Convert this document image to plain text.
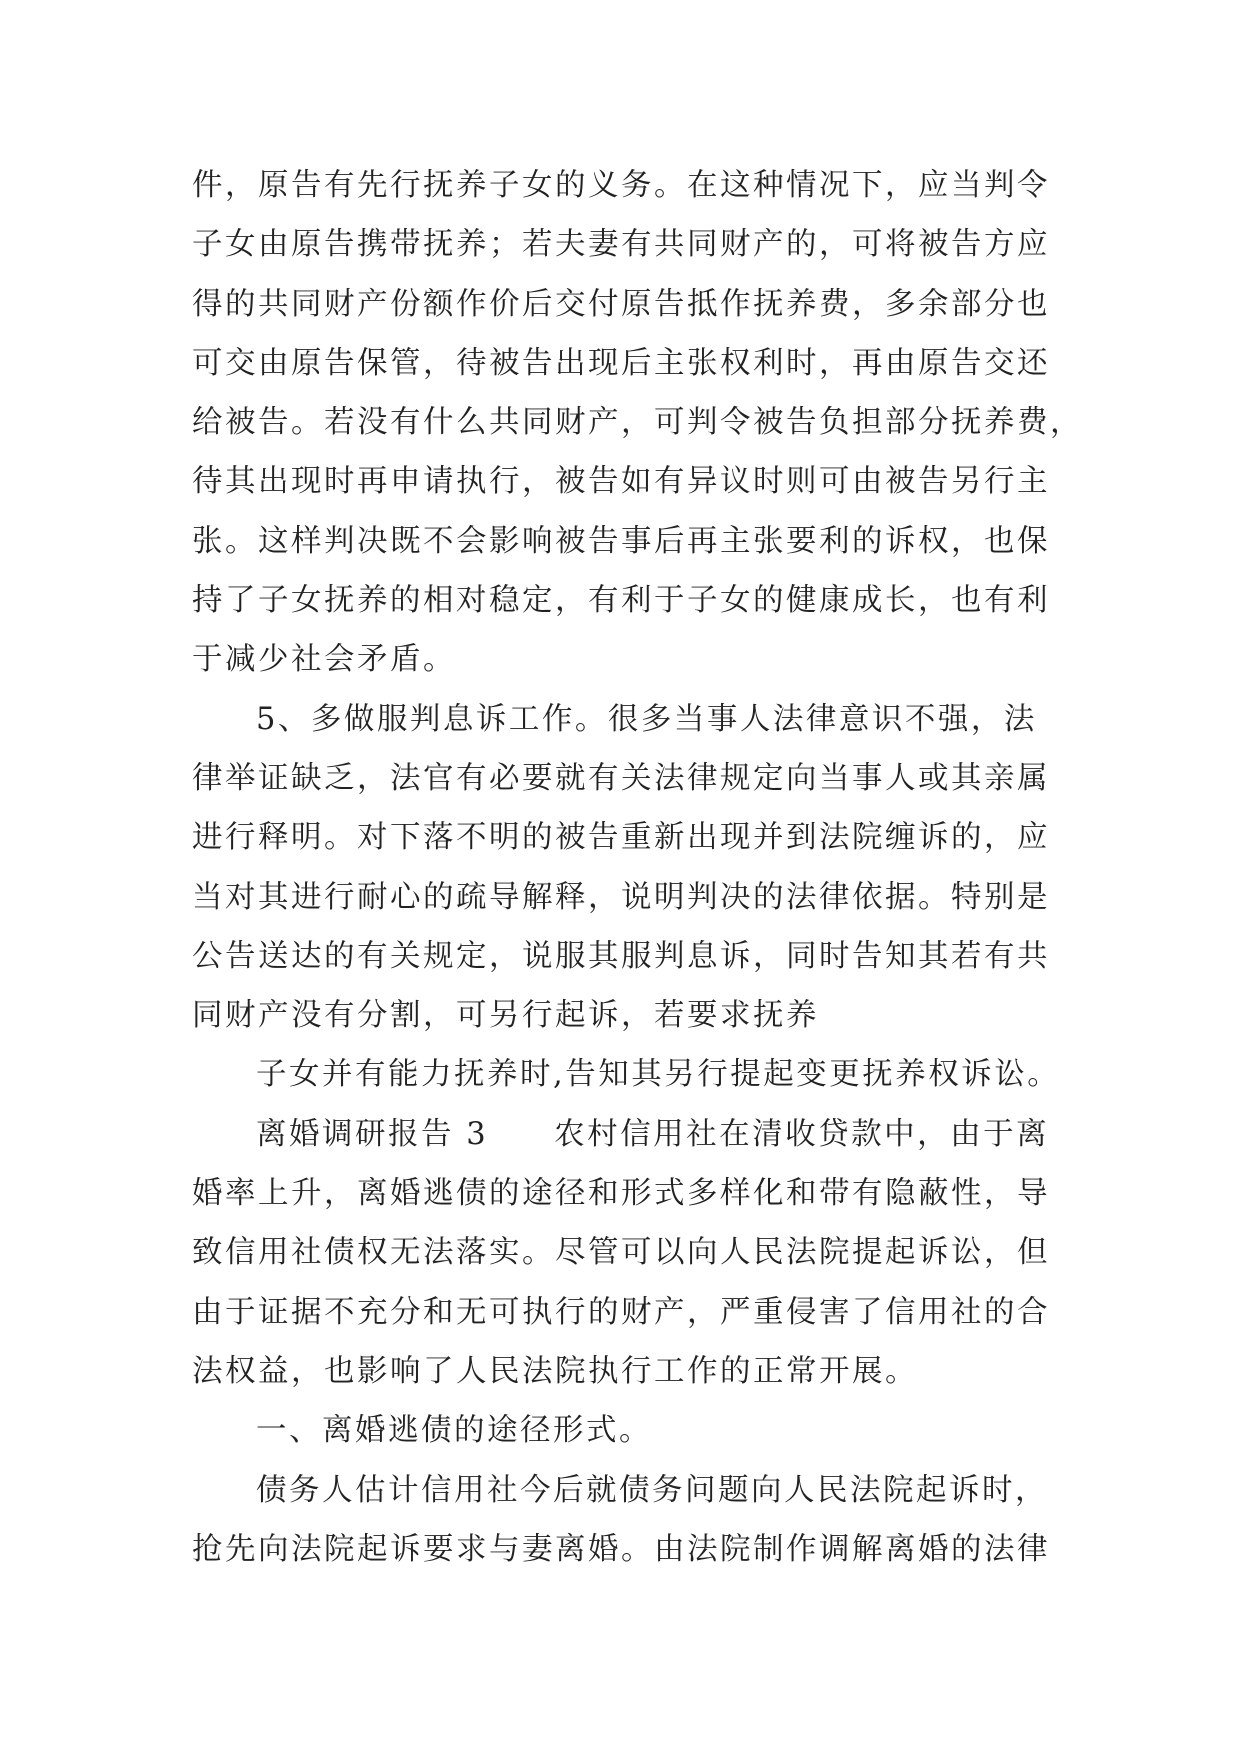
件，原告有先行抚养子女的义务。在这种情况下，应当判令
子女由原告携带抚养；若夫妻有共同财产的，可将被告方应
得的共同财产份额作价后交付原告抵作抚养费，多余部分也
可交由原告保管，待被告出现后主张权利时，再由原告交还
给被告。若没有什么共同财产，可判令被告负担部分抚养费，
待其出现时再申请执行，被告如有异议时则可由被告另行主
张。这样判决既不会影响被告事后再主张要利的诉权，也保
持了子女抚养的相对稳定，有利于子女的健康成长，也有利
于减少社会矛盾。
5、多做服判息诉工作。很多当事人法律意识不强，法
律举证缺乏，法官有必要就有关法律规定向当事人或其亲属
进行释明。对下落不明的被告重新出现并到法院缠诉的，应
当对其进行耐心的疏导解释，说明判决的法律依据。特别是
公告送达的有关规定，说服其服判息诉，同时告知其若有共
同财产没有分割，可另行起诉，若要求抚养
子女并有能力抚养时,告知其另行提起变更抚养权诉讼。
离婚调研报告 3　　农村信用社在清收贷款中，由于离
婚率上升，离婚逃债的途径和形式多样化和带有隐蔽性，导
致信用社债权无法落实。尽管可以向人民法院提起诉讼，但
由于证据不充分和无可执行的财产，严重侵害了信用社的合
法权益，也影响了人民法院执行工作的正常开展。
一、离婚逃债的途径形式。
债务人估计信用社今后就债务问题向人民法院起诉时，
抢先向法院起诉要求与妻离婚。由法院制作调解离婚的法律
